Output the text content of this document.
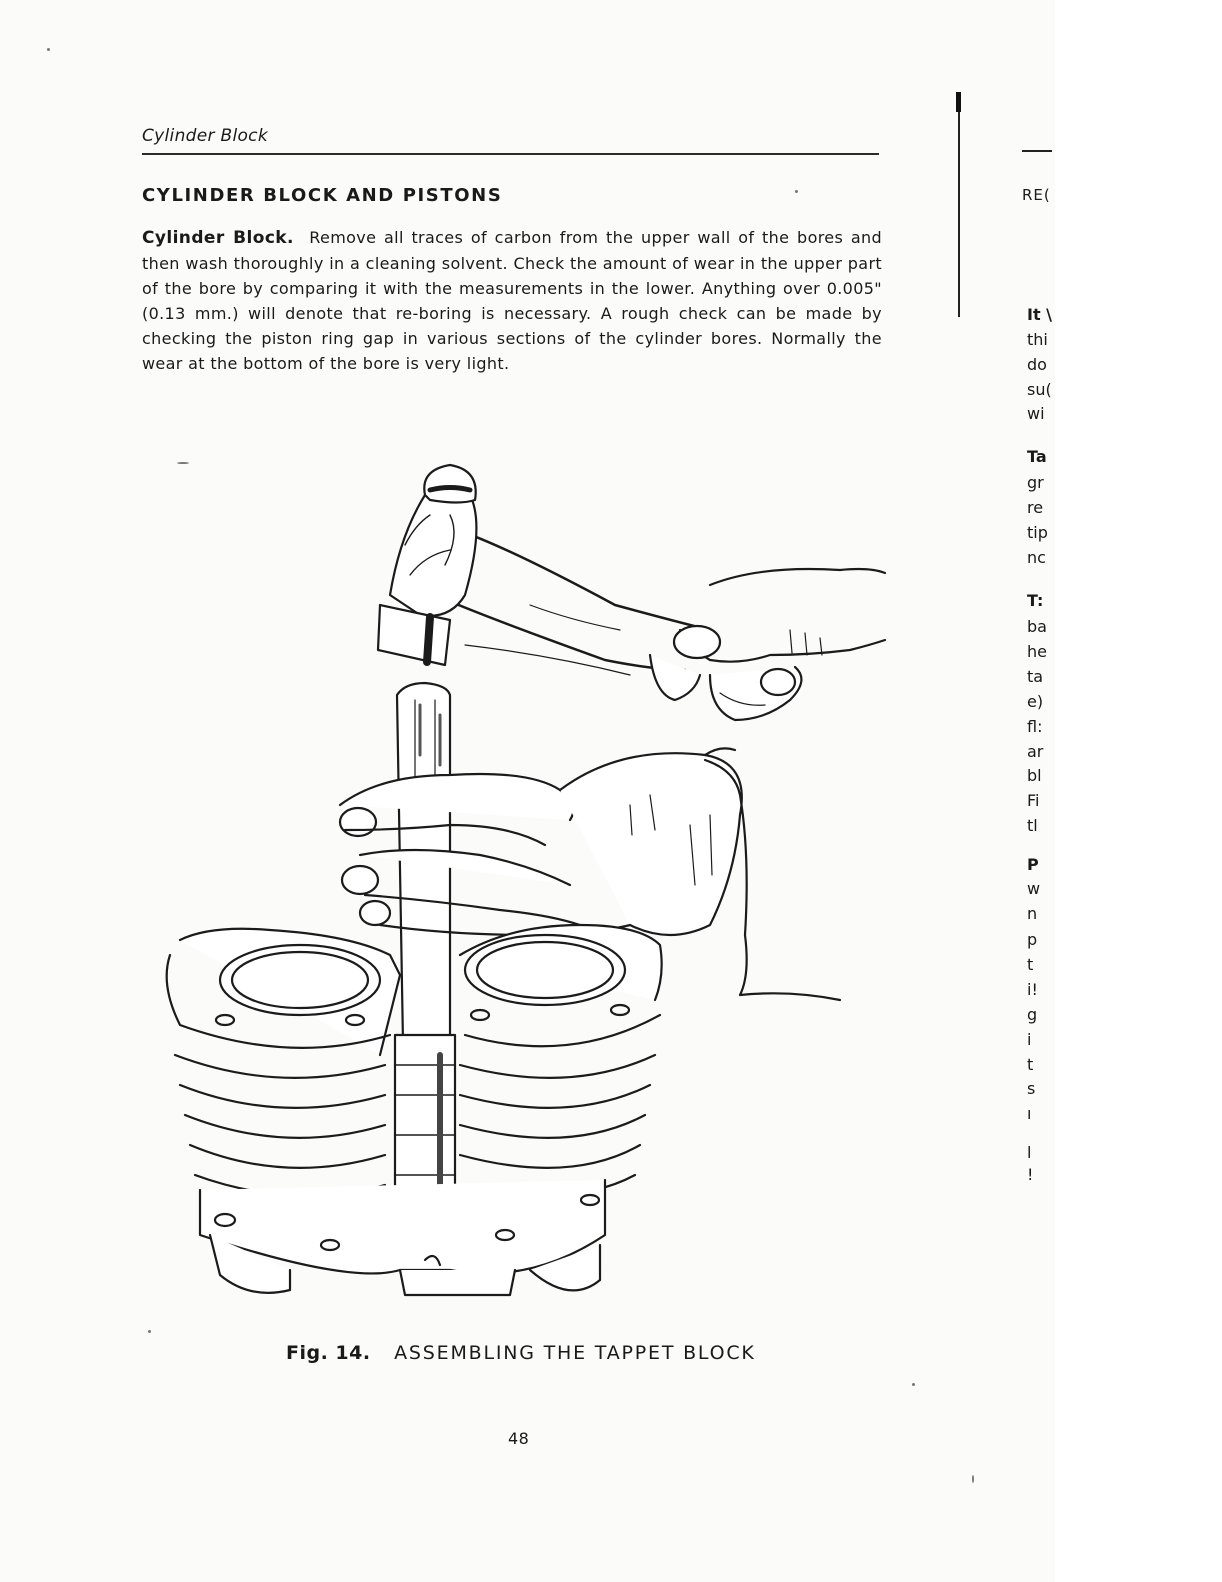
Cylinder Block
CYLINDER BLOCK AND PISTONS
Cylinder Block. Remove all traces of carbon from the upper wall of the bores and then wash thoroughly in a cleaning solvent. Check the amount of wear in the upper part of the bore by comparing it with the measurements in the lower. Anything over 0.005" (0.13 mm.) will denote that re-boring is necessary. A rough check can be made by checking the piston ring gap in various sections of the cylinder bores. Normally the wear at the bottom of the bore is very light.
Fig. 14. ASSEMBLING THE TAPPET BLOCK
48
RE(
It \
thi
do
su(
wi
Ta
gr
re
tip
nc
T:
ba
he
ta
e)
fl:
ar
bl
Fi
tl
P
w
n
p
t
i!
g
i
t
s
ı
l
!
